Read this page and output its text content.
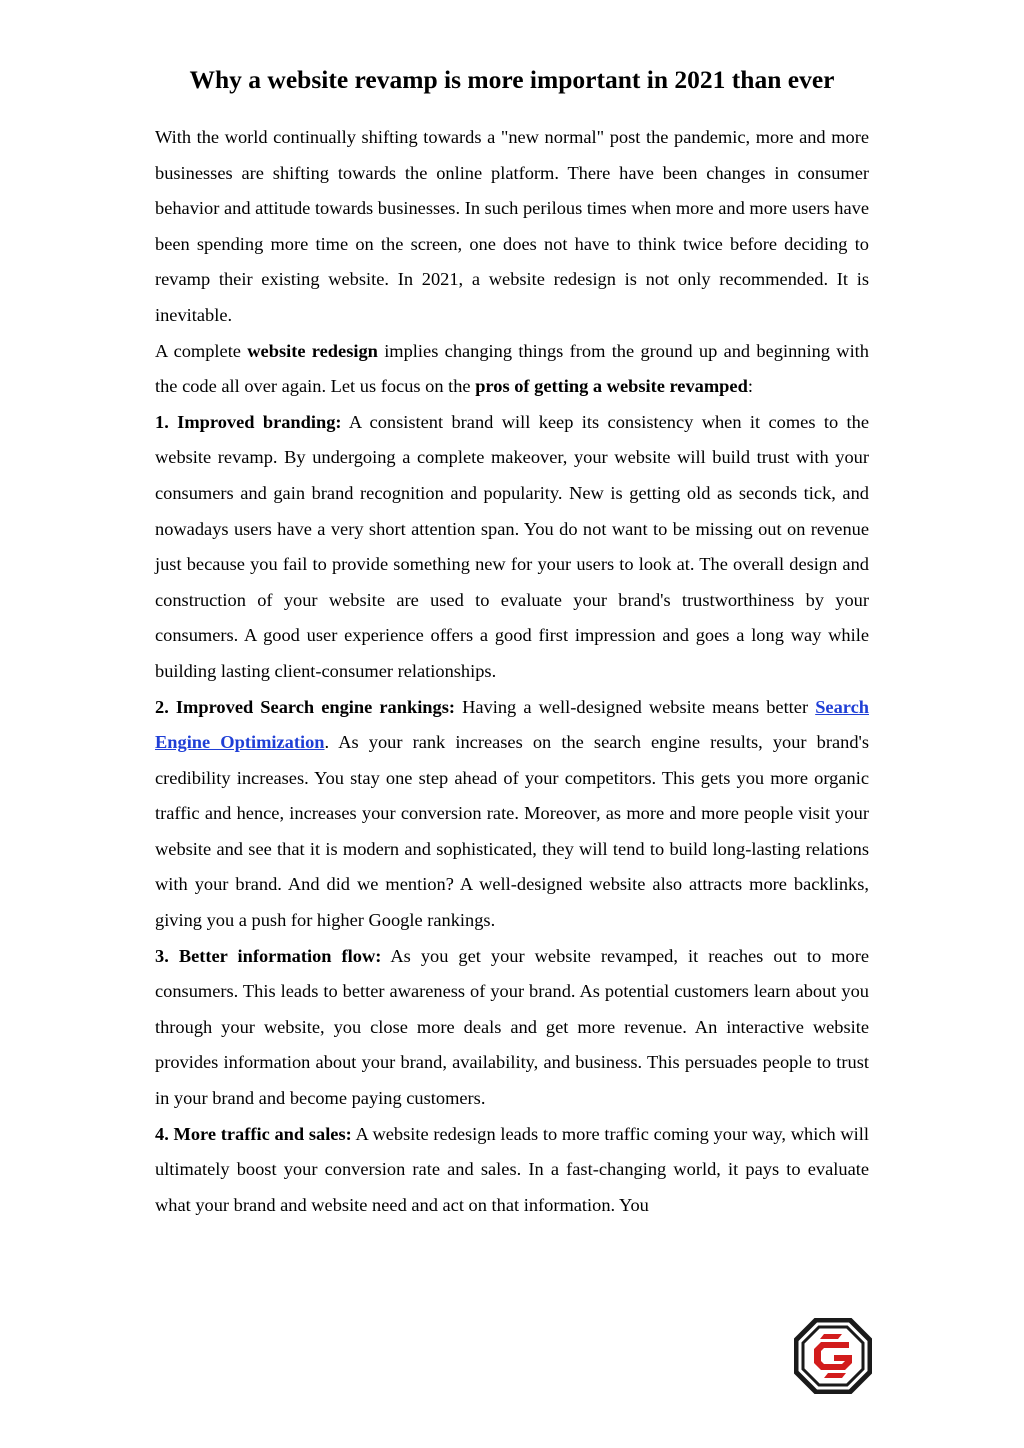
Why a website revamp is more important in 2021 than ever

With the world continually shifting towards a "new normal" post the pandemic, more and more businesses are shifting towards the online platform. There have been changes in consumer behavior and attitude towards businesses. In such perilous times when more and more users have been spending more time on the screen, one does not have to think twice before deciding to revamp their existing website. In 2021, a website redesign is not only recommended. It is inevitable.

A complete website redesign implies changing things from the ground up and beginning with the code all over again. Let us focus on the pros of getting a website revamped:

1. Improved branding: A consistent brand will keep its consistency when it comes to the website revamp. By undergoing a complete makeover, your website will build trust with your consumers and gain brand recognition and popularity. New is getting old as seconds tick, and nowadays users have a very short attention span. You do not want to be missing out on revenue just because you fail to provide something new for your users to look at. The overall design and construction of your website are used to evaluate your brand's trustworthiness by your consumers. A good user experience offers a good first impression and goes a long way while building lasting client-consumer relationships.

2. Improved Search engine rankings: Having a well-designed website means better Search Engine Optimization. As your rank increases on the search engine results, your brand's credibility increases. You stay one step ahead of your competitors. This gets you more organic traffic and hence, increases your conversion rate. Moreover, as more and more people visit your website and see that it is modern and sophisticated, they will tend to build long-lasting relations with your brand. And did we mention? A well-designed website also attracts more backlinks, giving you a push for higher Google rankings.

3. Better information flow: As you get your website revamped, it reaches out to more consumers. This leads to better awareness of your brand. As potential customers learn about you through your website, you close more deals and get more revenue. An interactive website provides information about your brand, availability, and business. This persuades people to trust in your brand and become paying customers.

4. More traffic and sales: A website redesign leads to more traffic coming your way, which will ultimately boost your conversion rate and sales. In a fast-changing world, it pays to evaluate what your brand and website need and act on that information. You
